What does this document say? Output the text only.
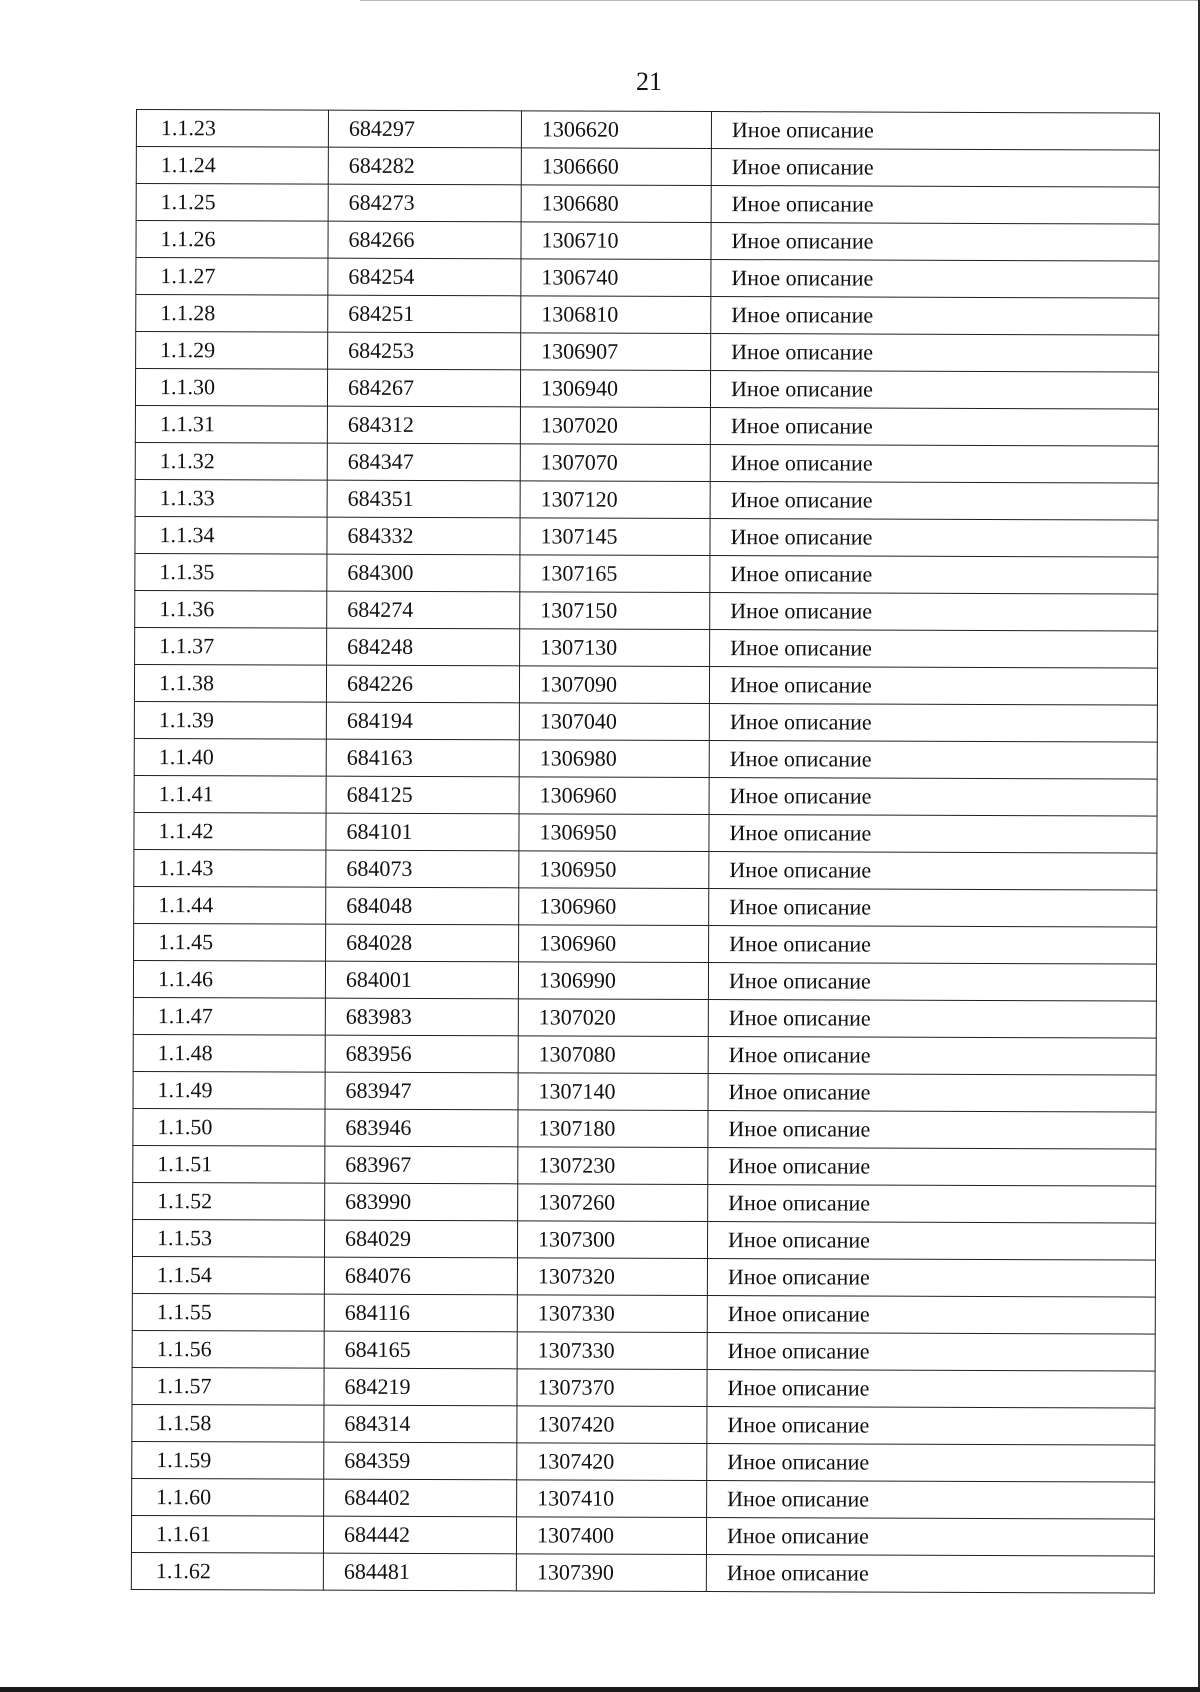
21
1.1.23	684297	1306620	Иное описание
1.1.24	684282	1306660	Иное описание
1.1.25	684273	1306680	Иное описание
1.1.26	684266	1306710	Иное описание
1.1.27	684254	1306740	Иное описание
1.1.28	684251	1306810	Иное описание
1.1.29	684253	1306907	Иное описание
1.1.30	684267	1306940	Иное описание
1.1.31	684312	1307020	Иное описание
1.1.32	684347	1307070	Иное описание
1.1.33	684351	1307120	Иное описание
1.1.34	684332	1307145	Иное описание
1.1.35	684300	1307165	Иное описание
1.1.36	684274	1307150	Иное описание
1.1.37	684248	1307130	Иное описание
1.1.38	684226	1307090	Иное описание
1.1.39	684194	1307040	Иное описание
1.1.40	684163	1306980	Иное описание
1.1.41	684125	1306960	Иное описание
1.1.42	684101	1306950	Иное описание
1.1.43	684073	1306950	Иное описание
1.1.44	684048	1306960	Иное описание
1.1.45	684028	1306960	Иное описание
1.1.46	684001	1306990	Иное описание
1.1.47	683983	1307020	Иное описание
1.1.48	683956	1307080	Иное описание
1.1.49	683947	1307140	Иное описание
1.1.50	683946	1307180	Иное описание
1.1.51	683967	1307230	Иное описание
1.1.52	683990	1307260	Иное описание
1.1.53	684029	1307300	Иное описание
1.1.54	684076	1307320	Иное описание
1.1.55	684116	1307330	Иное описание
1.1.56	684165	1307330	Иное описание
1.1.57	684219	1307370	Иное описание
1.1.58	684314	1307420	Иное описание
1.1.59	684359	1307420	Иное описание
1.1.60	684402	1307410	Иное описание
1.1.61	684442	1307400	Иное описание
1.1.62	684481	1307390	Иное описание
